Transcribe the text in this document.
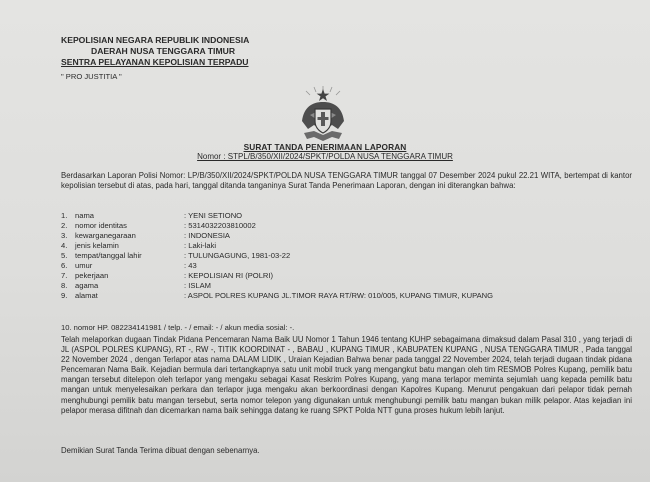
KEPOLISIAN NEGARA REPUBLIK INDONESIA
DAERAH NUSA TENGGARA TIMUR
SENTRA PELAYANAN KEPOLISIAN TERPADU
" PRO JUSTITIA "
SURAT TANDA PENERIMAAN LAPORAN
Nomor : STPL/B/350/XII/2024/SPKT/POLDA NUSA TENGGARA TIMUR
Berdasarkan Laporan Polisi Nomor: LP/B/350/XII/2024/SPKT/POLDA NUSA TENGGARA TIMUR tanggal 07 Desember 2024 pukul 22.21 WITA, bertempat di kantor kepolisian tersebut di atas, pada hari, tanggal ditanda tanganinya Surat Tanda Penerimaan Laporan, dengan ini diterangkan bahwa:
1.	nama	: YENI SETIONO
2.	nomor identitas	: 5314032203810002
3.	kewarganegaraan	: INDONESIA
4.	jenis kelamin	: Laki-laki
5.	tempat/tanggal lahir	: TULUNGAGUNG, 1981-03-22
6.	umur	: 43
7.	pekerjaan	: KEPOLISIAN RI (POLRI)
8.	agama	: ISLAM
9.	alamat	: ASPOL POLRES KUPANG JL.TIMOR RAYA RT/RW: 010/005, KUPANG TIMUR, KUPANG
10. nomor HP. 082234141981 / telp. - / email: - / akun media sosial: -.
Telah melaporkan dugaan Tindak Pidana Pencemaran Nama Baik UU Nomor 1 Tahun 1946 tentang KUHP sebagaimana dimaksud dalam Pasal 310 , yang terjadi di JL (ASPOL POLRES KUPANG), RT -, RW -, TITIK KOORDINAT - , BABAU , KUPANG TIMUR , KABUPATEN KUPANG , NUSA TENGGARA TIMUR , Pada tanggal 22 November 2024 , dengan Terlapor atas nama DALAM LIDIK , Uraian Kejadian Bahwa benar pada tanggal 22 November 2024, telah terjadi dugaan tindak pidana Pencemaran Nama Baik. Kejadian bermula dari tertangkapnya satu unit mobil truck yang mengangkut batu mangan oleh tim RESMOB Polres Kupang, pemilik batu mangan tersebut ditelepon oleh terlapor yang mengaku sebagai Kasat Reskrim Polres Kupang, yang mana terlapor meminta sejumlah uang kepada pemilik batu mangan untuk menyelesaikan perkara dan terlapor juga mengaku akan berkoordinasi dengan Kapolres Kupang. Menurut pengakuan dari pelapor tidak pernah menghubungi pemilik batu mangan tersebut, serta nomor telepon yang digunakan untuk menghubungi pemilik batu mangan bukan milik pelapor. Atas kejadian ini pelapor merasa difitnah dan dicemarkan nama baik sehingga datang ke ruang SPKT Polda NTT guna proses hukum lebih lanjut.
Demikian Surat Tanda Terima dibuat dengan sebenarnya.
